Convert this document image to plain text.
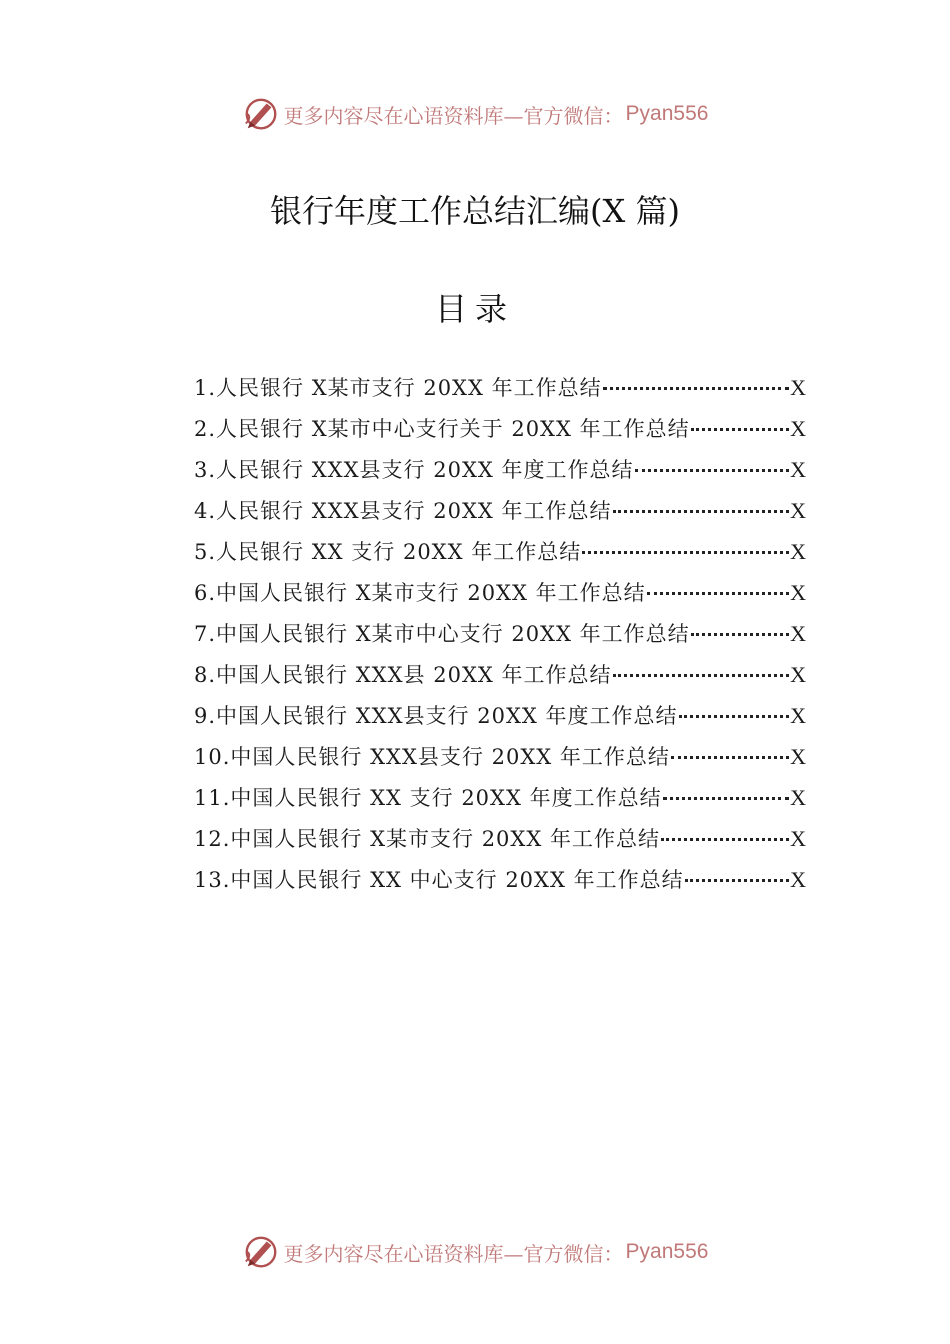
更多内容尽在心语资料库—官方微信： Pyan556
银行年度工作总结汇编(X 篇)
目录
1.人民银行 X某市支行 20XX 年工作总结	X
2.人民银行 X某市中心支行关于 20XX 年工作总结	X
3.人民银行 XXX县支行 20XX 年度工作总结	X
4.人民银行 XXX县支行 20XX 年工作总结	X
5.人民银行 XX 支行 20XX 年工作总结	X
6.中国人民银行 X某市支行 20XX 年工作总结	X
7.中国人民银行 X某市中心支行 20XX 年工作总结	X
8.中国人民银行 XXX县 20XX 年工作总结	X
9.中国人民银行 XXX县支行 20XX 年度工作总结	X
10.中国人民银行 XXX县支行 20XX 年工作总结	X
11.中国人民银行 XX 支行 20XX 年度工作总结	X
12.中国人民银行 X某市支行 20XX 年工作总结	X
13.中国人民银行 XX 中心支行 20XX 年工作总结	X
更多内容尽在心语资料库—官方微信： Pyan556
